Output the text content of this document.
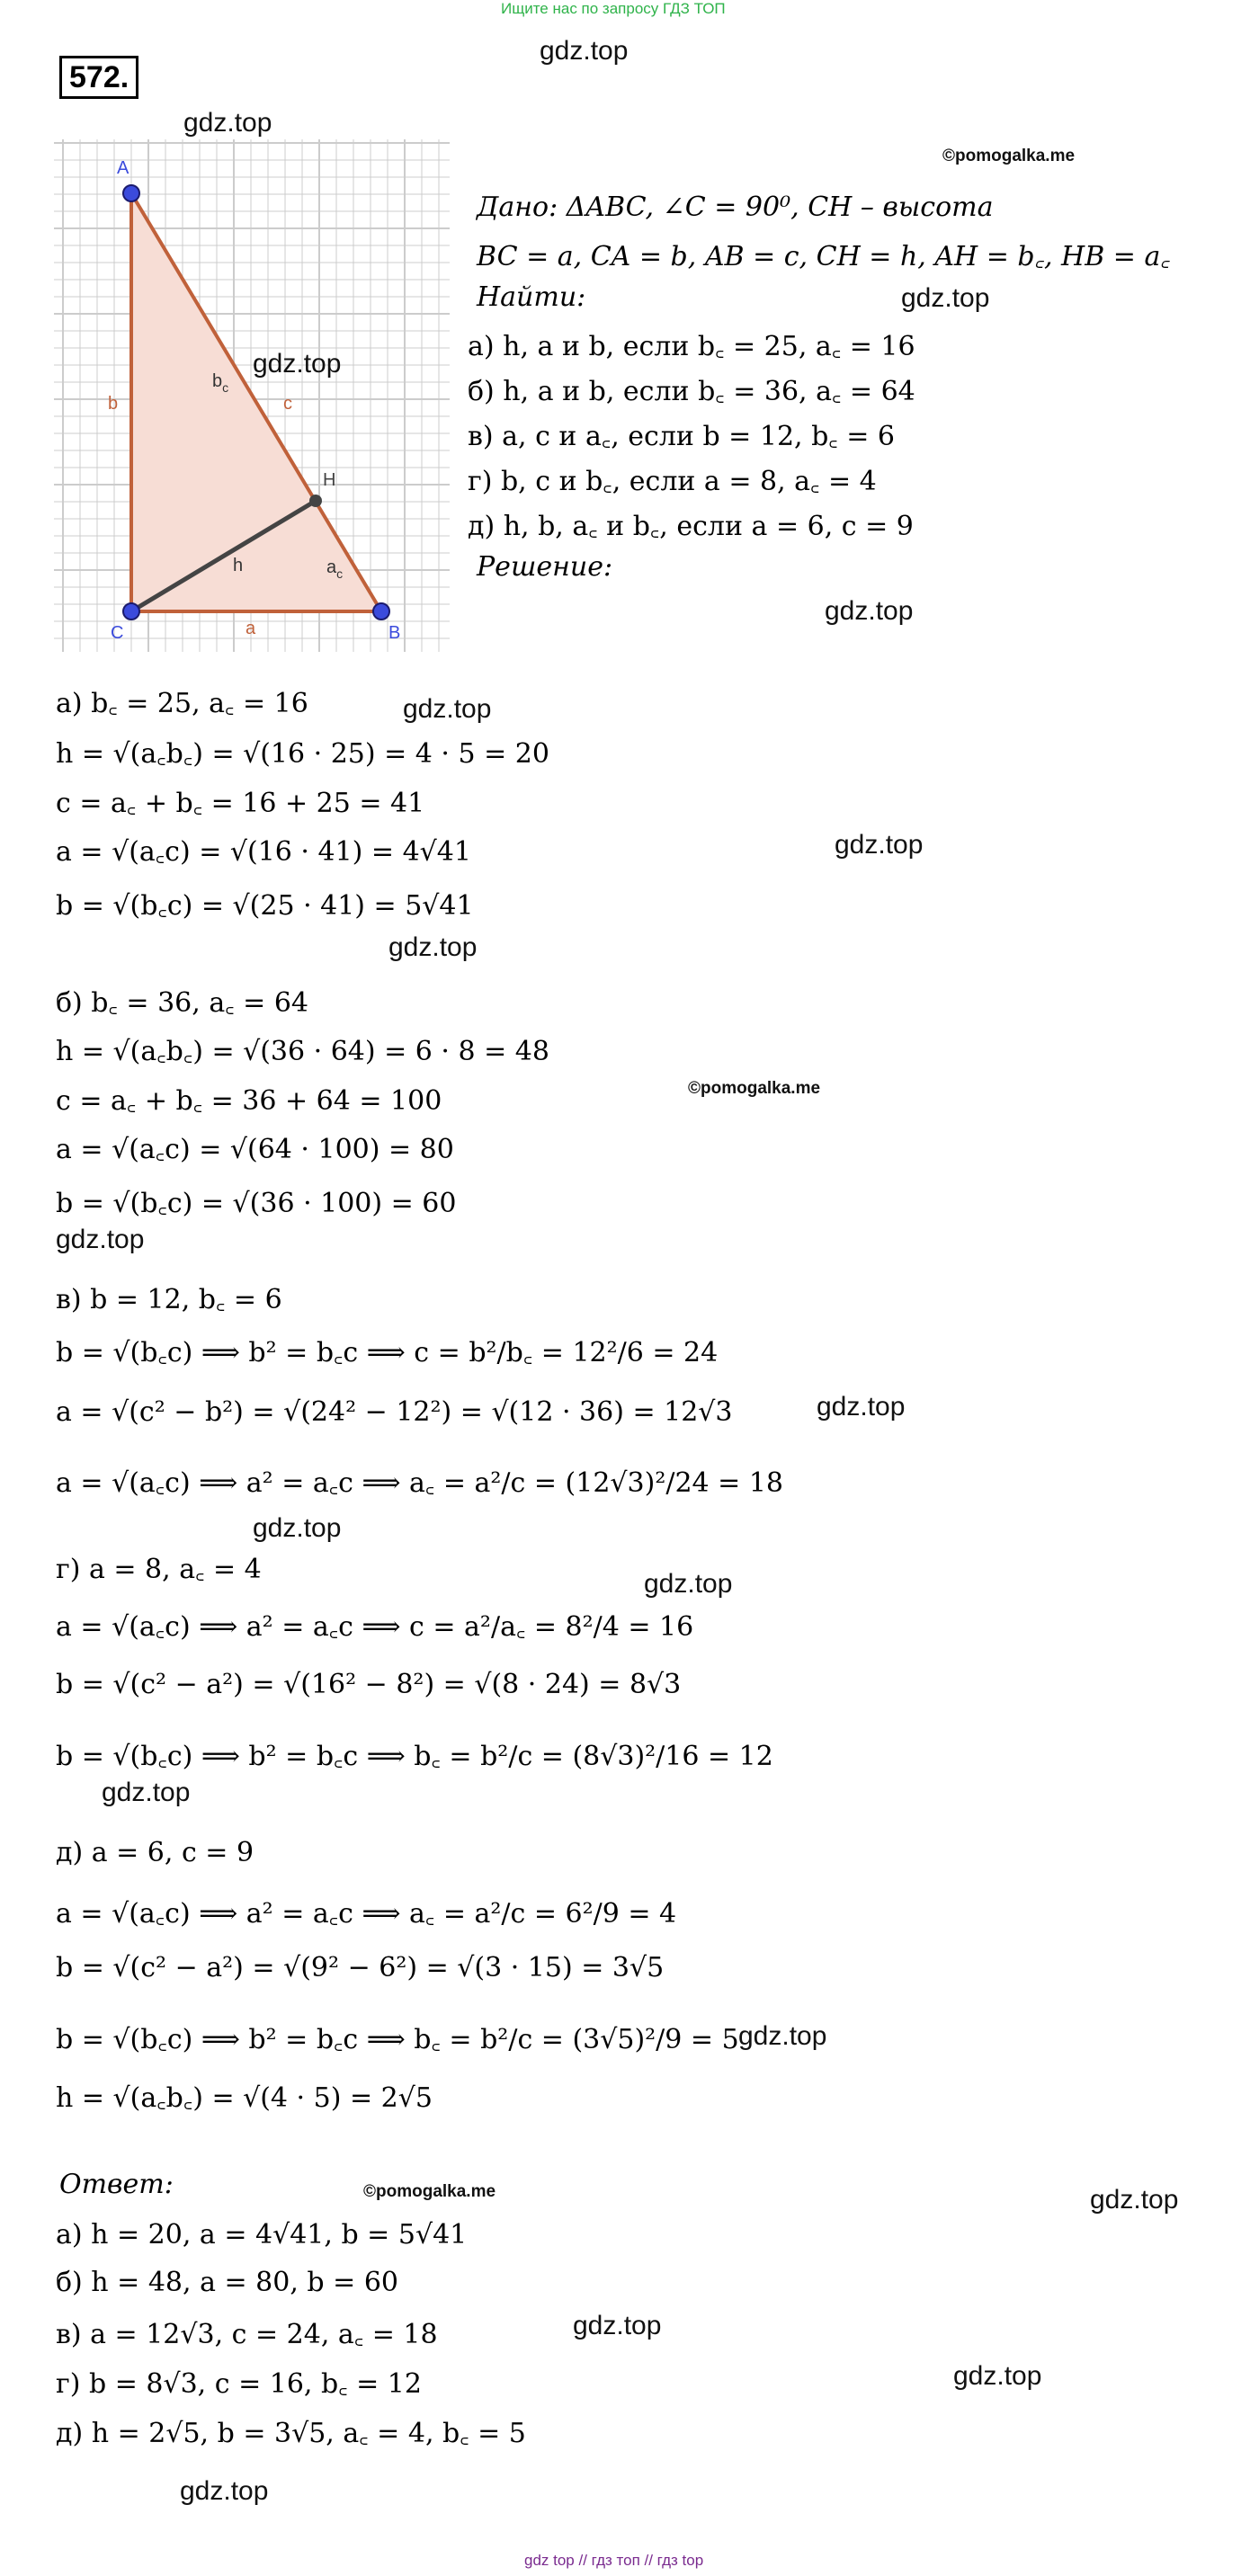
Ищите нас по запросу ГДЗ ТОП
572.
A
H
C	B
b	c
a
h
$b_c$
$a_c$
Дано: ΔABC, ∠C = 90⁰, CH – высота
BC = a, CA = b, AB = c, CH = h, AH = b꜀, HB = a꜀
Найти:
а) h, a и b, если b꜀ = 25, a꜀ = 16
б) h, a и b, если b꜀ = 36, a꜀ = 64
в) a, c и a꜀, если b = 12, b꜀ = 6
г) b, c и b꜀, если a = 8, a꜀ = 4
д) h, b, a꜀ и b꜀, если a = 6, c = 9
Решение:
а) b꜀ = 25, a꜀ = 16
h = √(a꜀b꜀) = √(16 · 25) = 4 · 5 = 20
c = a꜀ + b꜀ = 16 + 25 = 41
a = √(a꜀c) = √(16 · 41) = 4√41
b = √(b꜀c) = √(25 · 41) = 5√41
б) b꜀ = 36, a꜀ = 64
h = √(a꜀b꜀) = √(36 · 64) = 6 · 8 = 48
c = a꜀ + b꜀ = 36 + 64 = 100
a = √(a꜀c) = √(64 · 100) = 80
b = √(b꜀c) = √(36 · 100) = 60
в) b = 12, b꜀ = 6
b = √(b꜀c) ⟹ b² = b꜀c ⟹ c = b²/b꜀ = 12²/6 = 24
a = √(c² − b²) = √(24² − 12²) = √(12 · 36) = 12√3
a = √(a꜀c) ⟹ a² = a꜀c ⟹ a꜀ = a²/c = (12√3)²/24 = 18
г) a = 8, a꜀ = 4
a = √(a꜀c) ⟹ a² = a꜀c ⟹ c = a²/a꜀ = 8²/4 = 16
b = √(c² − a²) = √(16² − 8²) = √(8 · 24) = 8√3
b = √(b꜀c) ⟹ b² = b꜀c ⟹ b꜀ = b²/c = (8√3)²/16 = 12
д) a = 6, c = 9
a = √(a꜀c) ⟹ a² = a꜀c ⟹ a꜀ = a²/c = 6²/9 = 4
b = √(c² − a²) = √(9² − 6²) = √(3 · 15) = 3√5
b = √(b꜀c) ⟹ b² = b꜀c ⟹ b꜀ = b²/c = (3√5)²/9 = 5
h = √(a꜀b꜀) = √(4 · 5) = 2√5
Ответ:
а) h = 20, a = 4√41, b = 5√41
б) h = 48, a = 80, b = 60
в) a = 12√3, c = 24, a꜀ = 18
г) b = 8√3, c = 16, b꜀ = 12
д) h = 2√5, b = 3√5, a꜀ = 4, b꜀ = 5
gdz.top
gdz.top
©pomogalka.me
gdz.top
gdz.top
gdz.top
gdz.top
gdz.top
gdz.top
©pomogalka.me
gdz.top
gdz.top
gdz.top
gdz.top
gdz.top
gdz.top
©pomogalka.me	gdz.top
gdz.top
gdz.top
gdz.top
gdz top // гдз топ // гдз top
